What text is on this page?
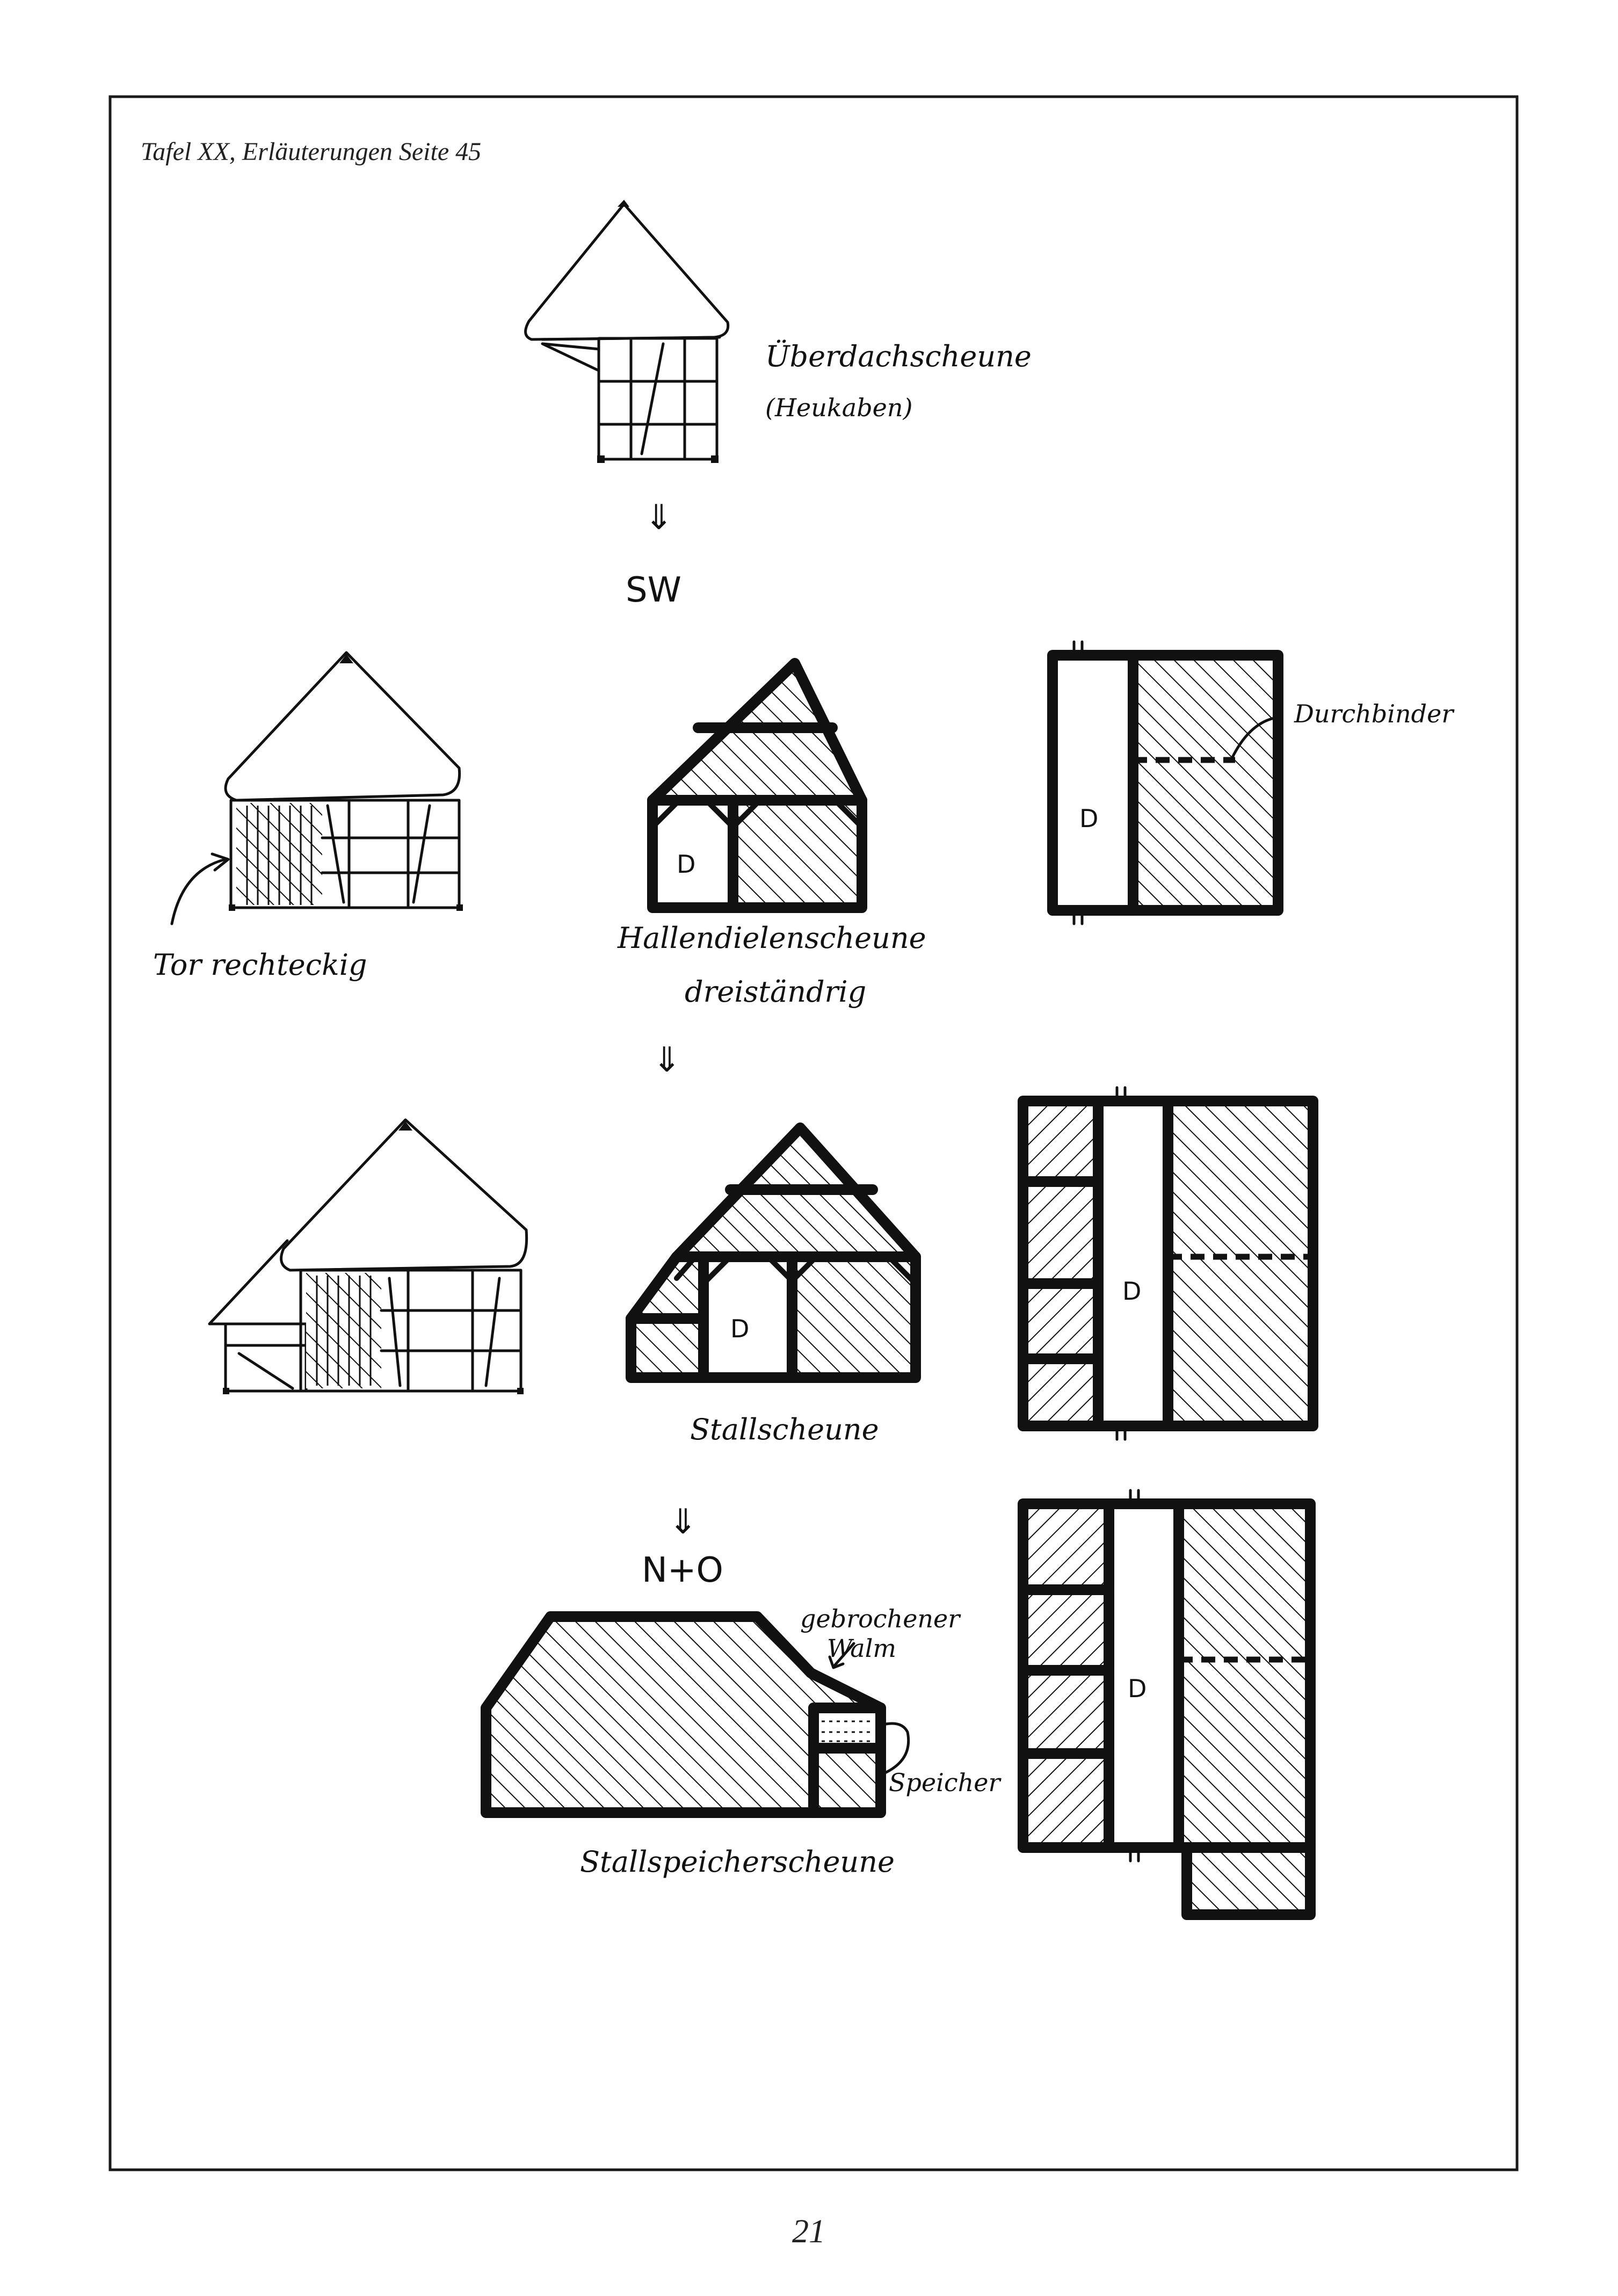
Tafel XX, Erläuterungen Seite 45
Überdachscheune
(Heukaben)
⇓
SW
Tor rechteckig
D
Hallendielenscheune
dreiständrig
D
Durchbinder
⇓
D
Stallscheune
D
⇓
N+O
gebrochener
Walm
Speicher
Stallspeicherscheune
D
21
